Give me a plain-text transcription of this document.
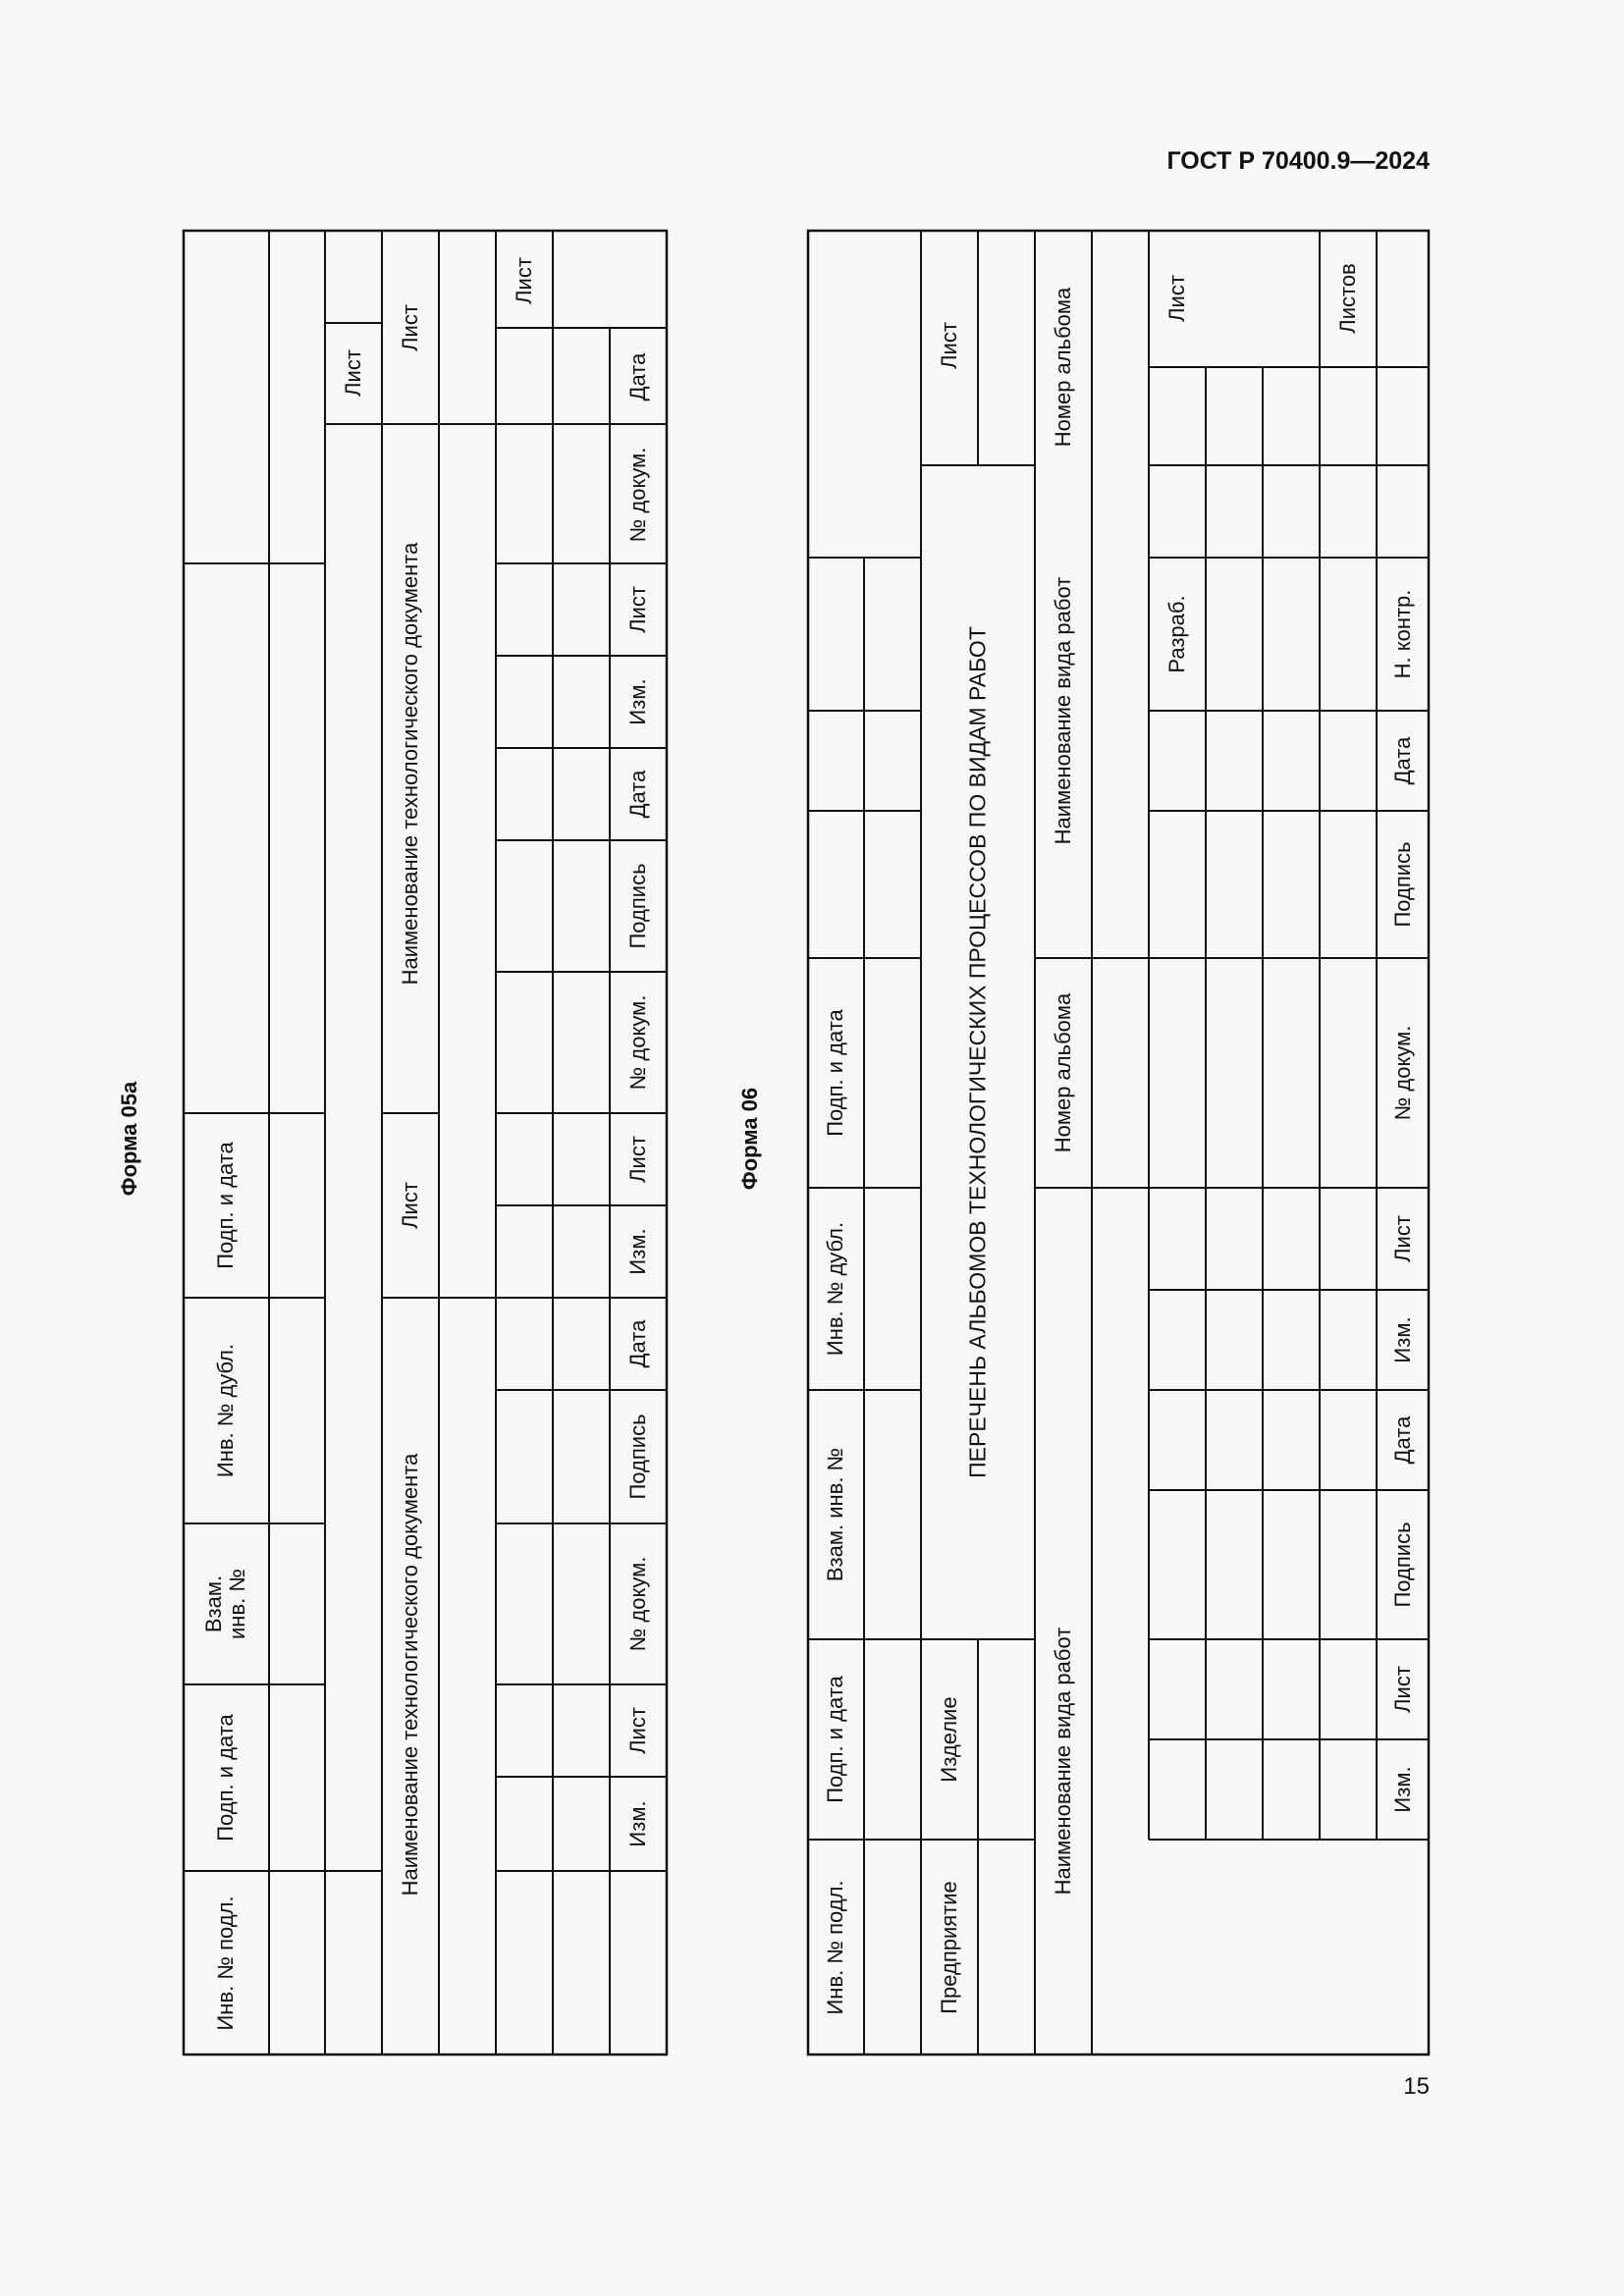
ГОСТ Р 70400.9—2024
15
Форма 05а
Инв. № подл.
Подп. и дата
Взам.
инв. №
Инв. № дубл.
Подп. и дата
Лист
Лист
Наименование технологического документа
Лист
Наименование технологического документа
Лист
Дата
№ докум.
Лист
Изм.
Дата
Подпись
№ докум.
Лист
Изм.
Дата
Подпись
№ докум.
Лист
Изм.
Форма 06
Инв. № подл.
Подп. и дата
Взам. инв. №
Инв. № дубл.
Подп. и дата
Предприятие
Изделие
Лист
ПЕРЕЧЕНЬ АЛЬБОМОВ ТЕХНОЛОГИЧЕСКИХ ПРОЦЕССОВ ПО ВИДАМ РАБОТ
Наименование вида работ
Номер альбома
Наименование вида работ
Номер альбома	Лист
Разраб.
Листов
Н. контр.
Дата
Подпись
№ докум.
Лист
Изм.
Дата
Подпись
Лист
Изм.
